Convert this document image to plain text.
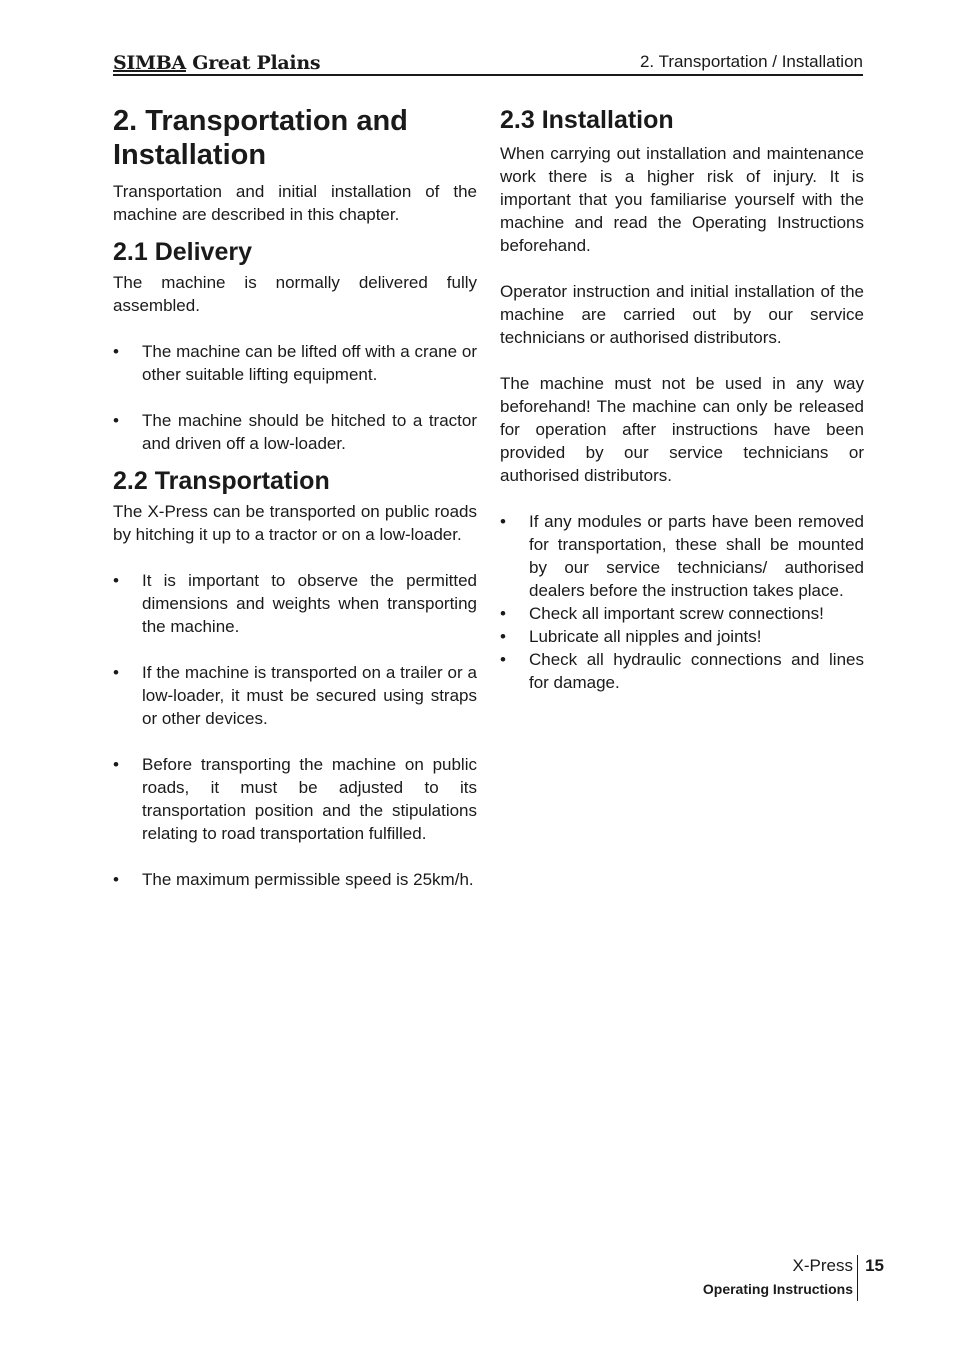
SIMBA Great Plains	2. Transportation / Installation
2. Transportation and Installation

Transportation and initial installation of the machine are described in this chapter.

2.1 Delivery

The machine is normally delivered fully assembled.

• The machine can be lifted off with a crane or other suitable lifting equipment.
• The machine should be hitched to a tractor and driven off a low-loader.
2.2 Transportation

The X-Press can be transported on public roads by hitching it up to a tractor or on a low-loader.

• It is important to observe the permitted dimensions and weights when transporting the machine.
• If the machine is transported on a trailer or a low-loader, it must be secured using straps or other devices.
• Before transporting the machine on public roads, it must be adjusted to its transportation position and the stipulations relating to road transportation fulfilled.
• The maximum permissible speed is 25km/h.
2.3 Installation

When carrying out installation and maintenance work there is a higher risk of injury. It is important that you familiarise yourself with the machine and read the Operating Instructions beforehand.

Operator instruction and initial installation of the machine are carried out by our service technicians or authorised distributors.

The machine must not be used in any way beforehand! The machine can only be released for operation after instructions have been provided by our service technicians or authorised distributors.

• If any modules or parts have been removed for transportation, these shall be mounted by our service technicians/ authorised dealers before the instruction takes place.
• Check all important screw connections!
• Lubricate all nipples and joints!
• Check all hydraulic connections and lines for damage.
X-Press
Operating Instructions
15
